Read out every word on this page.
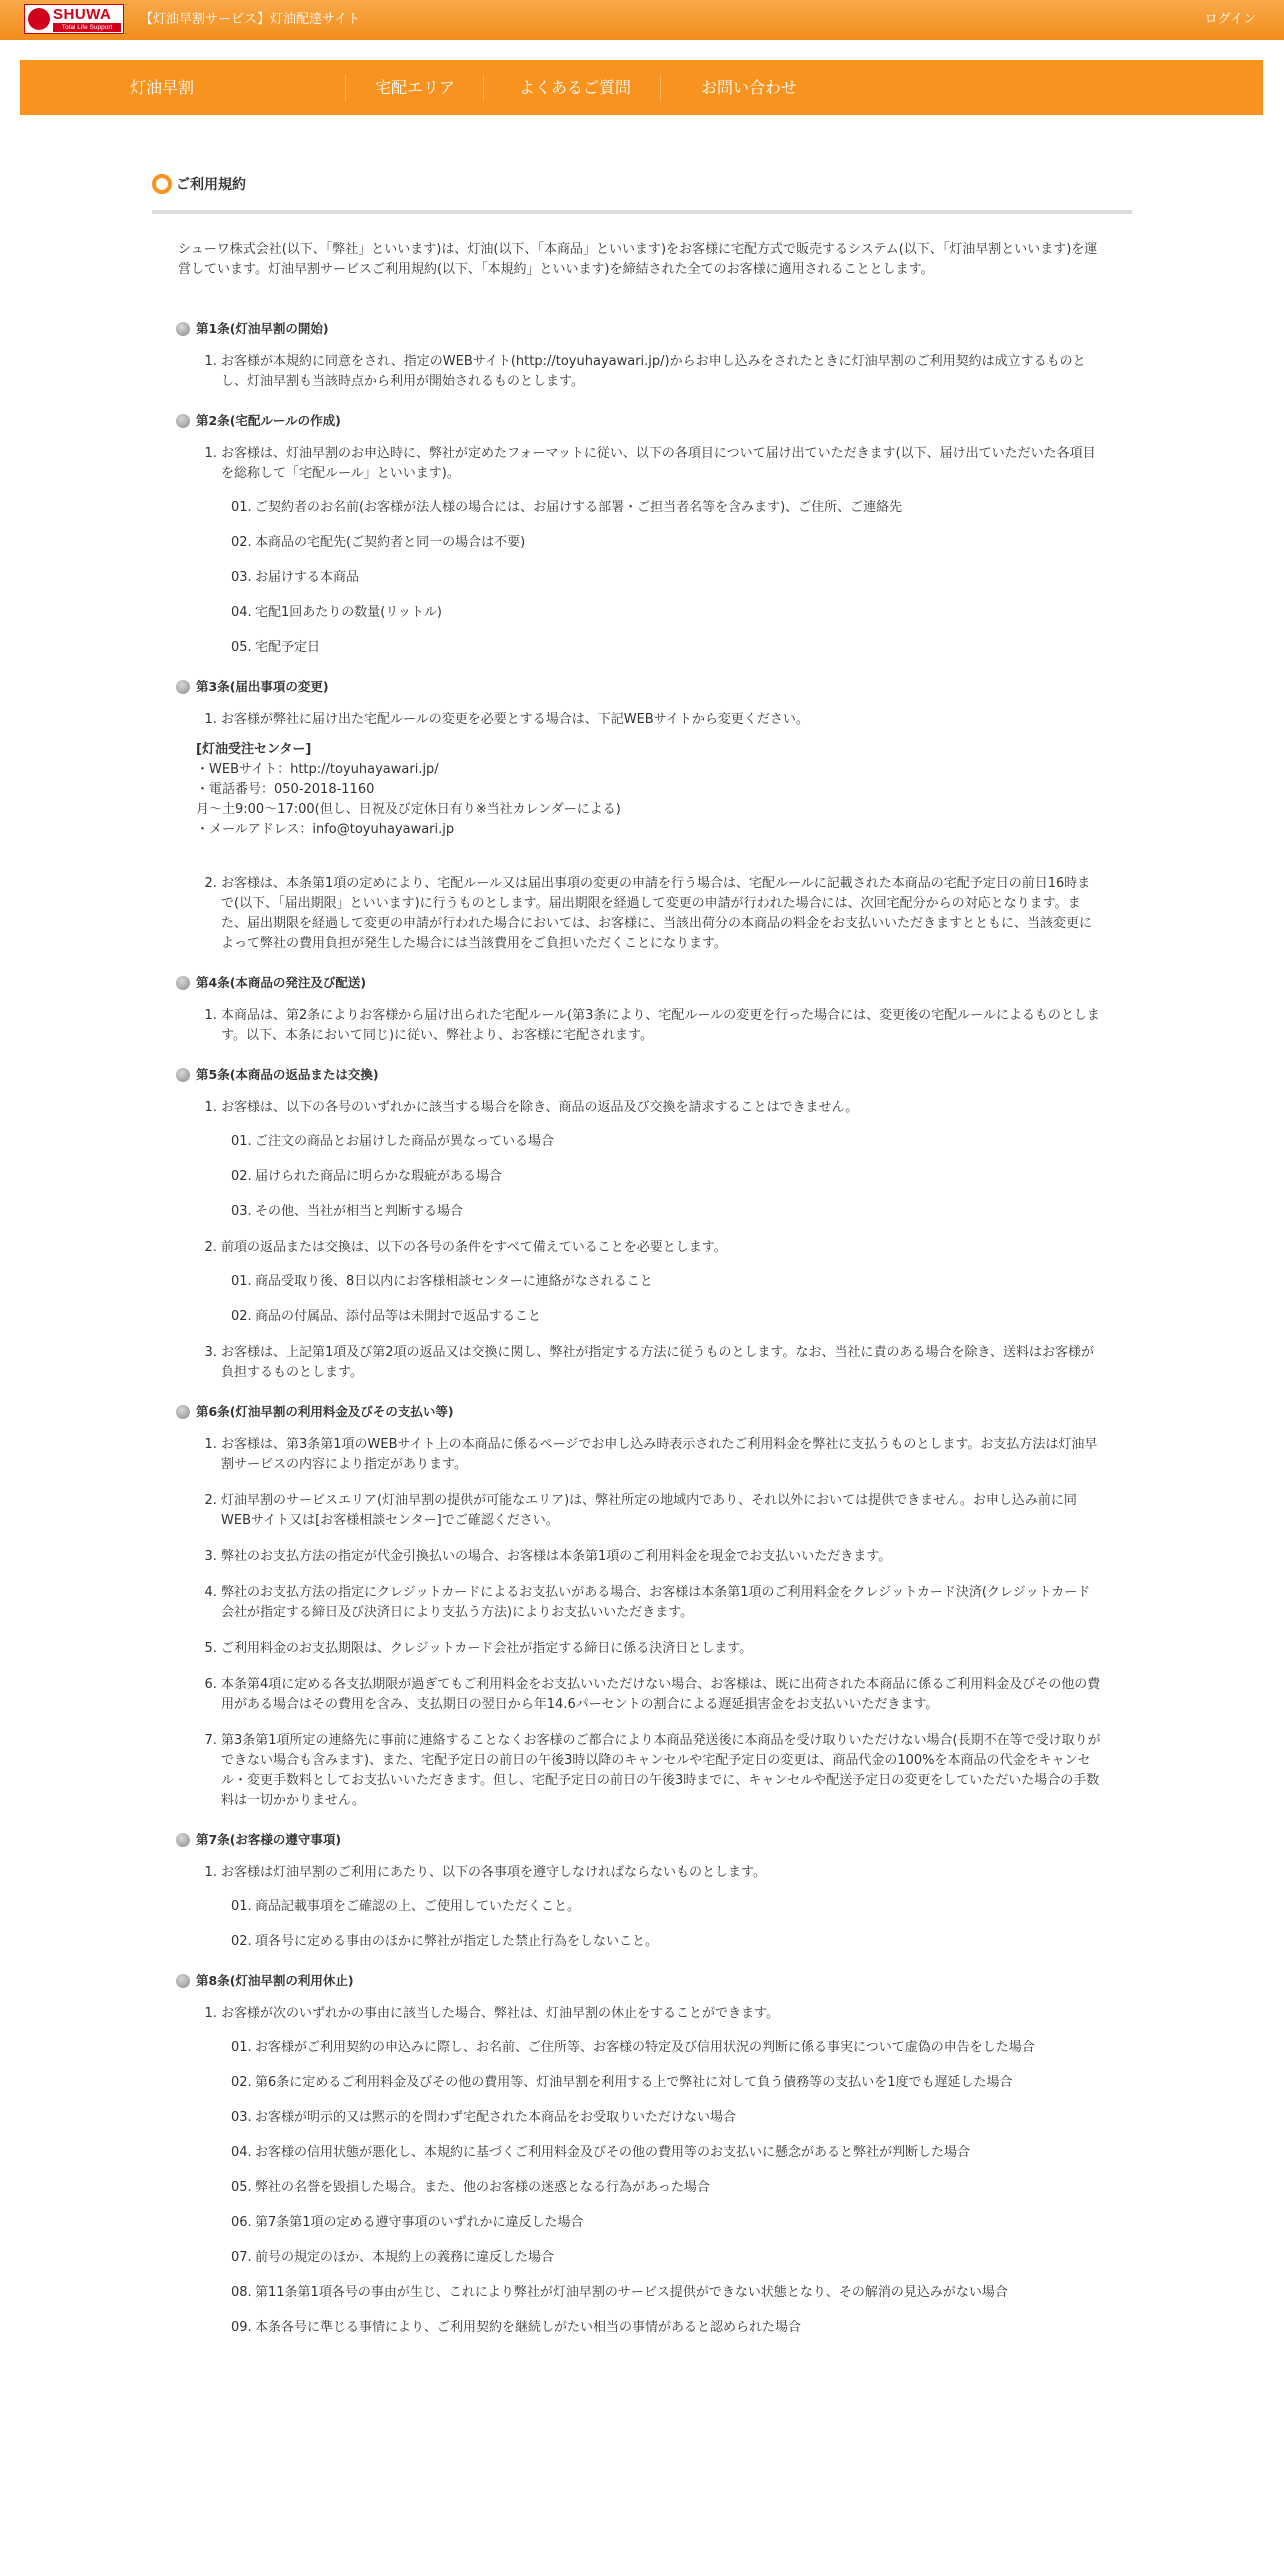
SHUWA
Total Life Support
【灯油早割サービス】灯油配達サイト	ログイン
灯油早割	宅配エリア	よくあるご質問	お問い合わせ
ご利用規約

シューワ株式会社(以下、「弊社」といいます)は、灯油(以下、「本商品」といいます)をお客様に宅配方式で販売するシステム(以下、「灯油早割といいます)を運営しています。灯油早割サービスご利用規約(以下、「本規約」といいます)を締結された全てのお客様に適用されることとします。

第1条(灯油早割の開始)
1. お客様が本規約に同意をされ、指定のWEBサイト(http://toyuhayawari.jp/)からお申し込みをされたときに灯油早割のご利用契約は成立するものとし、灯油早割も当該時点から利用が開始されるものとします。
第2条(宅配ルールの作成)
1. お客様は、灯油早割のお申込時に、弊社が定めたフォーマットに従い、以下の各項目について届け出ていただきます(以下、届け出ていただいた各項目を総称して「宅配ルール」といいます)。
01. ご契約者のお名前(お客様が法人様の場合には、お届けする部署・ご担当者名等を含みます)、ご住所、ご連絡先
02. 本商品の宅配先(ご契約者と同一の場合は不要)
03. お届けする本商品
04. 宅配1回あたりの数量(リットル)
05. 宅配予定日
第3条(届出事項の変更)
1. お客様が弊社に届け出た宅配ルールの変更を必要とする場合は、下記WEBサイトから変更ください。
[灯油受注センター]
・WEBサイト：http://toyuhayawari.jp/
・電話番号：050-2018-1160
月～土9:00～17:00(但し、日祝及び定休日有り※当社カレンダーによる)
・メールアドレス：info@toyuhayawari.jp
2. お客様は、本条第1項の定めにより、宅配ルール又は届出事項の変更の申請を行う場合は、宅配ルールに記載された本商品の宅配予定日の前日16時まで(以下、「届出期限」といいます)に行うものとします。届出期限を経過して変更の申請が行われた場合には、次回宅配分からの対応となります。また、届出期限を経過して変更の申請が行われた場合においては、お客様に、当該出荷分の本商品の料金をお支払いいただきますとともに、当該変更によって弊社の費用負担が発生した場合には当該費用をご負担いただくことになります。
第4条(本商品の発注及び配送)
1. 本商品は、第2条によりお客様から届け出られた宅配ルール(第3条により、宅配ルールの変更を行った場合には、変更後の宅配ルールによるものとします。以下、本条において同じ)に従い、弊社より、お客様に宅配されます。
第5条(本商品の返品または交換)
1. お客様は、以下の各号のいずれかに該当する場合を除き、商品の返品及び交換を請求することはできません。
01. ご注文の商品とお届けした商品が異なっている場合
02. 届けられた商品に明らかな瑕疵がある場合
03. その他、当社が相当と判断する場合
2. 前項の返品または交換は、以下の各号の条件をすべて備えていることを必要とします。
01. 商品受取り後、8日以内にお客様相談センターに連絡がなされること
02. 商品の付属品、添付品等は未開封で返品すること
3. お客様は、上記第1項及び第2項の返品又は交換に関し、弊社が指定する方法に従うものとします。なお、当社に責のある場合を除き、送料はお客様が負担するものとします。
第6条(灯油早割の利用料金及びその支払い等)
1. お客様は、第3条第1項のWEBサイト上の本商品に係るページでお申し込み時表示されたご利用料金を弊社に支払うものとします。お支払方法は灯油早割サービスの内容により指定があります。
2. 灯油早割のサービスエリア(灯油早割の提供が可能なエリア)は、弊社所定の地域内であり、それ以外においては提供できません。お申し込み前に同WEBサイト又は[お客様相談センター]でご確認ください。
3. 弊社のお支払方法の指定が代金引換払いの場合、お客様は本条第1項のご利用料金を現金でお支払いいただきます。
4. 弊社のお支払方法の指定にクレジットカードによるお支払いがある場合、お客様は本条第1項のご利用料金をクレジットカード決済(クレジットカード会社が指定する締日及び決済日により支払う方法)によりお支払いいただきます。
5. ご利用料金のお支払期限は、クレジットカード会社が指定する締日に係る決済日とします。
6. 本条第4項に定める各支払期限が過ぎてもご利用料金をお支払いいただけない場合、お客様は、既に出荷された本商品に係るご利用料金及びその他の費用がある場合はその費用を含み、支払期日の翌日から年14.6パーセントの割合による遅延損害金をお支払いいただきます。
7. 第3条第1項所定の連絡先に事前に連絡することなくお客様のご都合により本商品発送後に本商品を受け取りいただけない場合(長期不在等で受け取りができない場合も含みます)、また、宅配予定日の前日の午後3時以降のキャンセルや宅配予定日の変更は、商品代金の100%を本商品の代金をキャンセル・変更手数料としてお支払いいただきます。但し、宅配予定日の前日の午後3時までに、キャンセルや配送予定日の変更をしていただいた場合の手数料は一切かかりません。
第7条(お客様の遵守事項)
1. お客様は灯油早割のご利用にあたり、以下の各事項を遵守しなければならないものとします。
01. 商品記載事項をご確認の上、ご使用していただくこと。
02. 項各号に定める事由のほかに弊社が指定した禁止行為をしないこと。
第8条(灯油早割の利用休止)
1. お客様が次のいずれかの事由に該当した場合、弊社は、灯油早割の休止をすることができます。
01. お客様がご利用契約の申込みに際し、お名前、ご住所等、お客様の特定及び信用状況の判断に係る事実について虚偽の申告をした場合
02. 第6条に定めるご利用料金及びその他の費用等、灯油早割を利用する上で弊社に対して負う債務等の支払いを1度でも遅延した場合
03. お客様が明示的又は黙示的を問わず宅配された本商品をお受取りいただけない場合
04. お客様の信用状態が悪化し、本規約に基づくご利用料金及びその他の費用等のお支払いに懸念があると弊社が判断した場合
05. 弊社の名誉を毀損した場合。また、他のお客様の迷惑となる行為があった場合
06. 第7条第1項の定める遵守事項のいずれかに違反した場合
07. 前号の規定のほか、本規約上の義務に違反した場合
08. 第11条第1項各号の事由が生じ、これにより弊社が灯油早割のサービス提供ができない状態となり、その解消の見込みがない場合
09. 本条各号に準じる事情により、ご利用契約を継続しがたい相当の事情があると認められた場合
